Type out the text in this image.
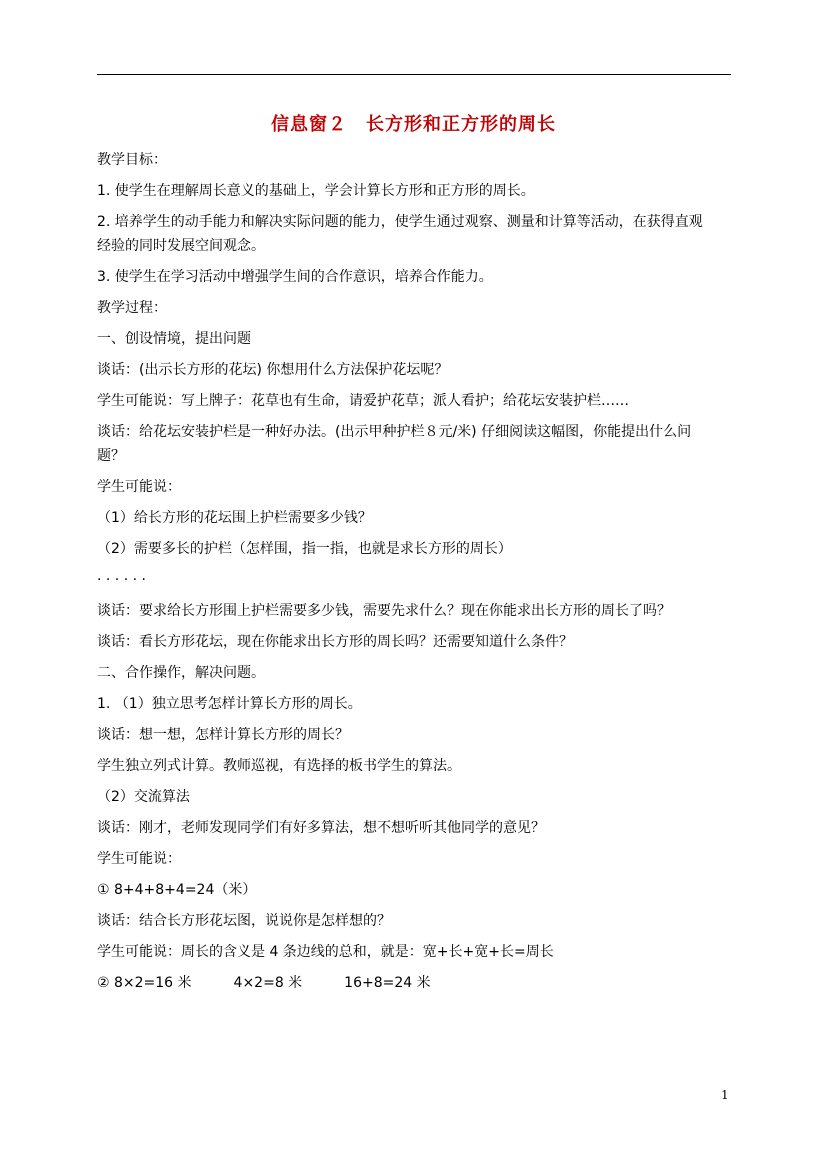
信息窗２　长方形和正方形的周长

教学目标：

1. 使学生在理解周长意义的基础上，学会计算长方形和正方形的周长。

2. 培养学生的动手能力和解决实际问题的能力，使学生通过观察、测量和计算等活动，在获得直观

经验的同时发展空间观念。

3. 使学生在学习活动中增强学生间的合作意识，培养合作能力。

教学过程：

一、创设情境，提出问题

谈话：(出示长方形的花坛) 你想用什么方法保护花坛呢？

学生可能说：写上牌子：花草也有生命，请爱护花草；派人看护；给花坛安装护栏……

谈话：给花坛安装护栏是一种好办法。(出示甲种护栏８元/米) 仔细阅读这幅图，你能提出什么问

题？

学生可能说：

（1）给长方形的花坛围上护栏需要多少钱？

（2）需要多长的护栏（怎样围，指一指，也就是求长方形的周长）

· · · · · ·

谈话：要求给长方形围上护栏需要多少钱，需要先求什么？现在你能求出长方形的周长了吗？

谈话：看长方形花坛，现在你能求出长方形的周长吗？还需要知道什么条件？

二、合作操作，解决问题。

1. （1）独立思考怎样计算长方形的周长。

谈话：想一想，怎样计算长方形的周长？

学生独立列式计算。教师巡视，有选择的板书学生的算法。

（2）交流算法

谈话：刚才，老师发现同学们有好多算法，想不想听听其他同学的意见？

学生可能说：

① 8+4+8+4=24（米）

谈话：结合长方形花坛图，说说你是怎样想的？

学生可能说：周长的含义是 4 条边线的总和，就是：宽+长+宽+长=周长

② 8×2=16 米　　　4×2=8 米　　　16+8=24 米

1
